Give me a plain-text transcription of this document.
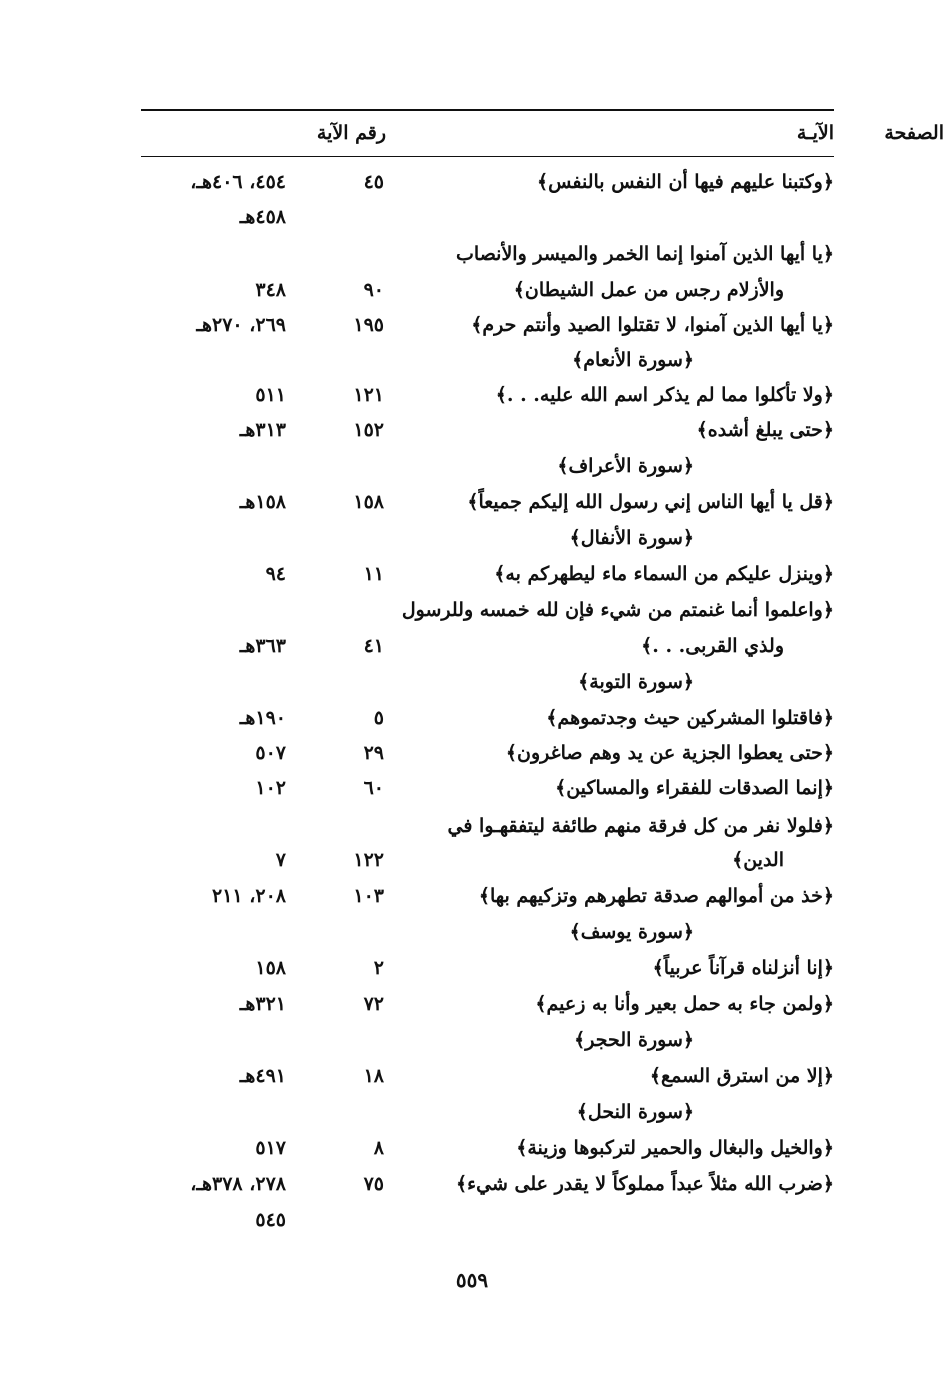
الآيـة
رقم الآية	الصفحة
﴿وكتبنا عليهم فيها أن النفس بالنفس﴾
٤٥
٤٥٤، ٤٠٦هـ،
٤٥٨هـ
﴿يا أيها الذين آمنوا إنما الخمر والميسر والأنصاب
والأزلام رجس من عمل الشيطان﴾
٩٠
٣٤٨
﴿يا أيها الذين آمنوا، لا تقتلوا الصيد وأنتم حرم﴾
١٩٥
٢٦٩، ٢٧٠هـ
﴿سورة الأنعام﴾
﴿ولا تأكلوا مما لم يذكر اسم الله عليه. . .﴾
١٢١
٥١١
﴿حتى يبلغ أشده﴾
١٥٢
٣١٣هـ
﴿سورة الأعراف﴾
﴿قل يا أيها الناس إني رسول الله إليكم جميعاً﴾
١٥٨
١٥٨هـ
﴿سورة الأنفال﴾
﴿وينزل عليكم من السماء ماء ليطهركم به﴾
١١
٩٤
﴿واعلموا أنما غنمتم من شيء فإن لله خمسه وللرسول
ولذي القربى. . .﴾
٤١
٣٦٣هـ
﴿سورة التوبة﴾
﴿فاقتلوا المشركين حيث وجدتموهم﴾
٥
١٩٠هـ
﴿حتى يعطوا الجزية عن يد وهم صاغرون﴾
٢٩
٥٠٧
﴿إنما الصدقات للفقراء والمساكين﴾
٦٠
١٠٢
﴿فلولا نفر من كل فرقة منهم طائفة ليتفقهـوا في
الدين﴾
١٢٢
٧
﴿خذ من أموالهم صدقة تطهرهم وتزكيهم بها﴾
١٠٣
٢٠٨، ٢١١
﴿سورة يوسف﴾
﴿إنا أنزلناه قرآناً عربياً﴾
٢
١٥٨
﴿ولمن جاء به حمل بعير وأنا به زعيم﴾
٧٢
٣٢١هـ
﴿سورة الحجر﴾
﴿إلا من استرق السمع﴾
١٨
٤٩١هـ
﴿سورة النحل﴾
﴿والخيل والبغال والحمير لتركبوها وزينة﴾
٨
٥١٧
﴿ضرب الله مثلاً عبداً مملوكاً لا يقدر على شيء﴾
٧٥
٢٧٨، ٣٧٨هـ،
٥٤٥
٥٥٩
